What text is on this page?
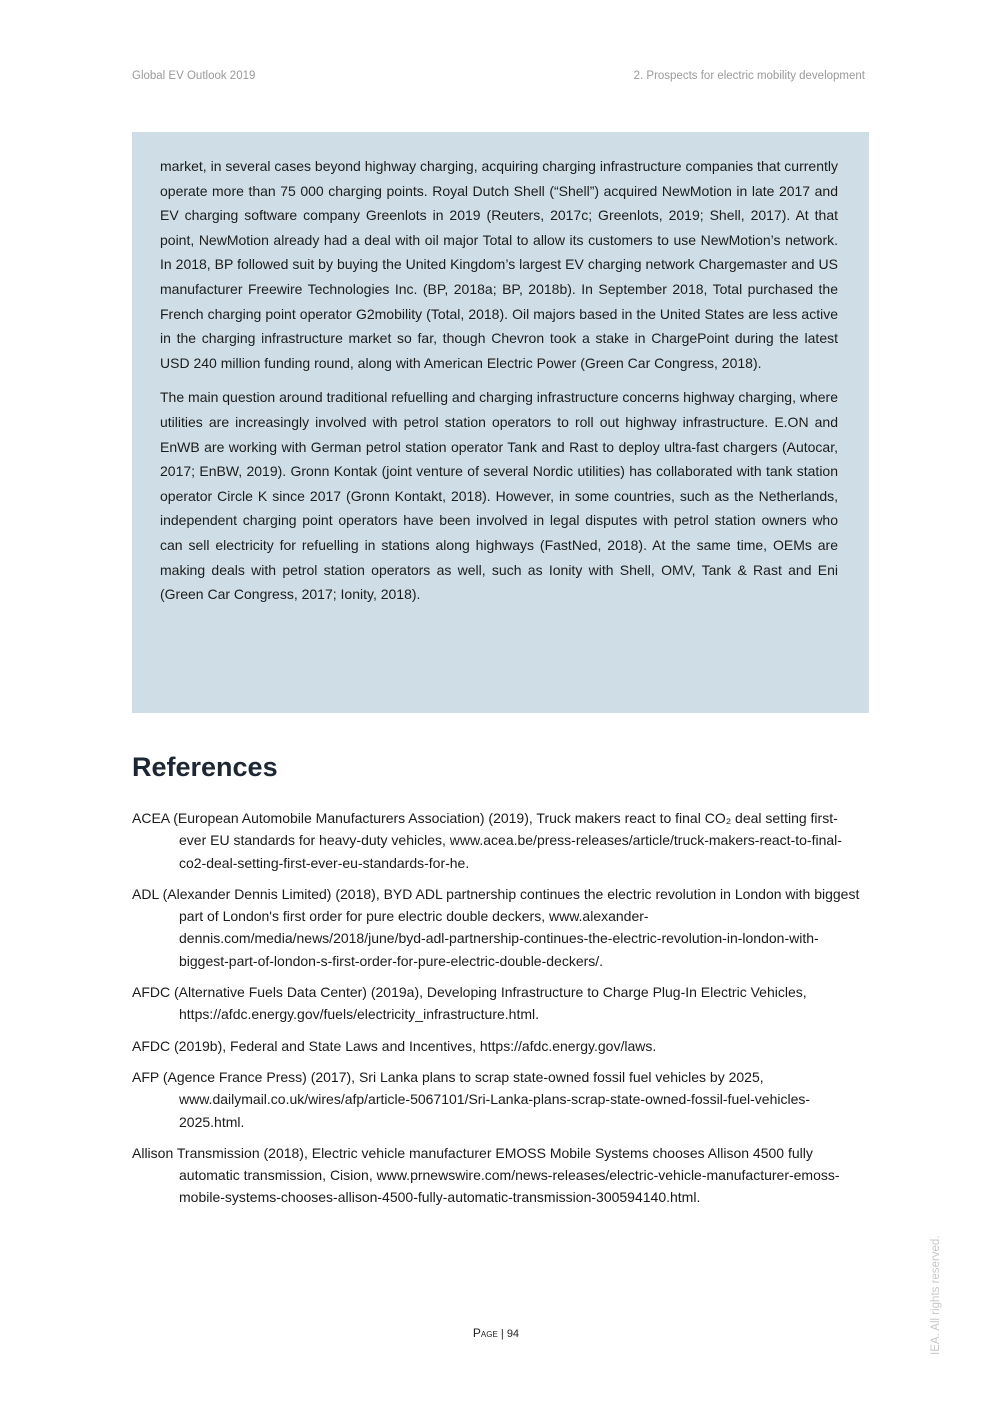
Global EV Outlook 2019	2. Prospects for electric mobility development

market, in several cases beyond highway charging, acquiring charging infrastructure companies that currently operate more than 75 000 charging points. Royal Dutch Shell (“Shell”) acquired NewMotion in late 2017 and EV charging software company Greenlots in 2019 (Reuters, 2017c; Greenlots, 2019; Shell, 2017). At that point, NewMotion already had a deal with oil major Total to allow its customers to use NewMotion’s network. In 2018, BP followed suit by buying the United Kingdom’s largest EV charging network Chargemaster and US manufacturer Freewire Technologies Inc. (BP, 2018a; BP, 2018b). In September 2018, Total purchased the French charging point operator G2mobility (Total, 2018). Oil majors based in the United States are less active in the charging infrastructure market so far, though Chevron took a stake in ChargePoint during the latest USD 240 million funding round, along with American Electric Power (Green Car Congress, 2018).

The main question around traditional refuelling and charging infrastructure concerns highway charging, where utilities are increasingly involved with petrol station operators to roll out highway infrastructure. E.ON and EnWB are working with German petrol station operator Tank and Rast to deploy ultra-fast chargers (Autocar, 2017; EnBW, 2019). Gronn Kontak (joint venture of several Nordic utilities) has collaborated with tank station operator Circle K since 2017 (Gronn Kontakt, 2018). However, in some countries, such as the Netherlands, independent charging point operators have been involved in legal disputes with petrol station owners who can sell electricity for refuelling in stations along highways (FastNed, 2018). At the same time, OEMs are making deals with petrol station operators as well, such as Ionity with Shell, OMV, Tank & Rast and Eni (Green Car Congress, 2017; Ionity, 2018).

References

ACEA (European Automobile Manufacturers Association) (2019), Truck makers react to final CO₂ deal setting first-ever EU standards for heavy-duty vehicles, www.acea.be/press-releases/article/truck-makers-react-to-final-co2-deal-setting-first-ever-eu-standards-for-he.

ADL (Alexander Dennis Limited) (2018), BYD ADL partnership continues the electric revolution in London with biggest part of London's first order for pure electric double deckers, www.alexander-dennis.com/media/news/2018/june/byd-adl-partnership-continues-the-electric-revolution-in-london-with-biggest-part-of-london-s-first-order-for-pure-electric-double-deckers/.

AFDC (Alternative Fuels Data Center) (2019a), Developing Infrastructure to Charge Plug-In Electric Vehicles, https://afdc.energy.gov/fuels/electricity_infrastructure.html.

AFDC (2019b), Federal and State Laws and Incentives, https://afdc.energy.gov/laws.

AFP (Agence France Press) (2017), Sri Lanka plans to scrap state-owned fossil fuel vehicles by 2025, www.dailymail.co.uk/wires/afp/article-5067101/Sri-Lanka-plans-scrap-state-owned-fossil-fuel-vehicles-2025.html.

Allison Transmission (2018), Electric vehicle manufacturer EMOSS Mobile Systems chooses Allison 4500 fully automatic transmission, Cision, www.prnewswire.com/news-releases/electric-vehicle-manufacturer-emoss-mobile-systems-chooses-allison-4500-fully-automatic-transmission-300594140.html.

Page | 94	IEA. All rights reserved.
